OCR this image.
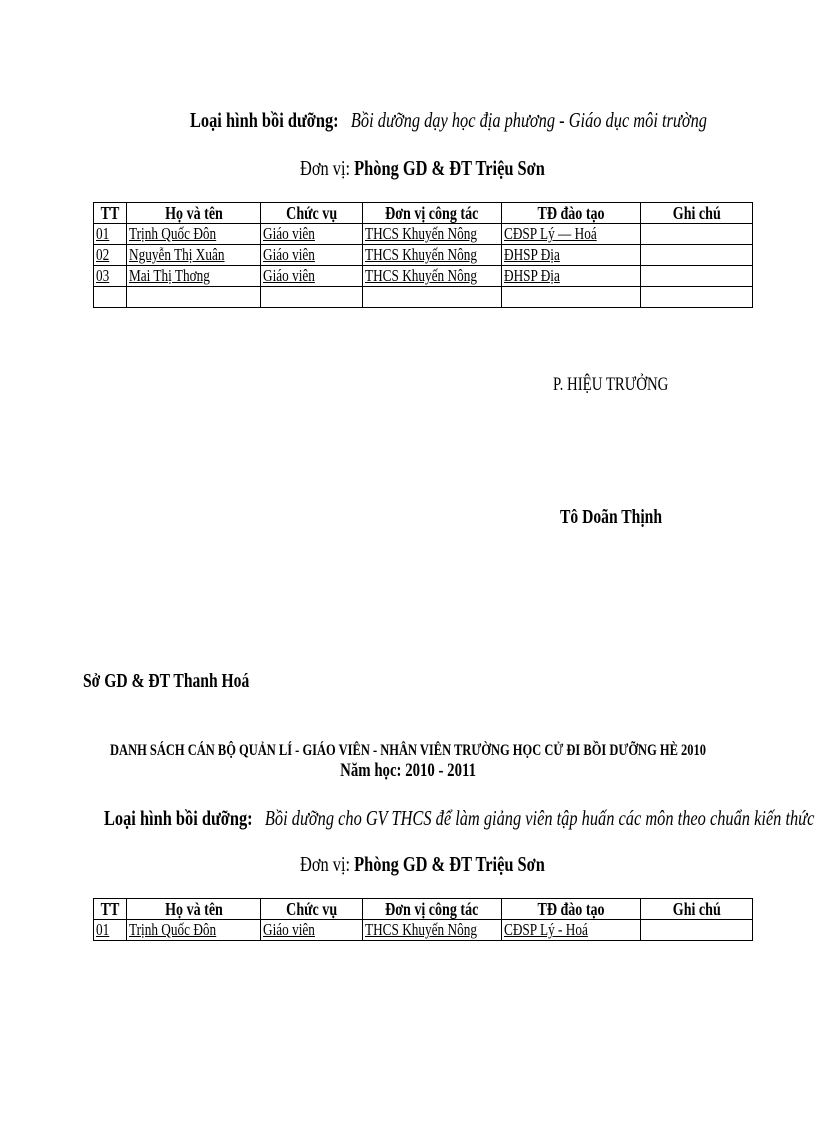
Loại hình bồi dưỡng: Bồi dưỡng dạy học địa phương - Giáo dục môi trường
Đơn vị: Phòng GD & ĐT Triệu Sơn
TT	Họ và tên	Chức vụ	Đơn vị công tác	TĐ đào tạo	Ghi chú
01	Trịnh Quốc Đôn	Giáo viên	THCS Khuyến Nông	CĐSP Lý — Hoá	
02	Nguyễn Thị Xuân	Giáo viên	THCS Khuyến Nông	ĐHSP Địa	
03	Mai Thị Thơng	Giáo viên	THCS Khuyến Nông	ĐHSP Địa	

P. HIỆU TRƯỞNG
Tô Doãn Thịnh
Sở GD & ĐT Thanh Hoá
DANH SÁCH CÁN BỘ QUẢN LÍ - GIÁO VIÊN - NHÂN VIÊN TRƯỜNG HỌC CỬ ĐI BỒI DƯỠNG HÈ 2010
Năm học: 2010 - 2011
Loại hình bồi dưỡng: Bồi dưỡng cho GV THCS để làm giảng viên tập huấn các môn theo chuẩn kiến thức
Đơn vị: Phòng GD & ĐT Triệu Sơn
TT	Họ và tên	Chức vụ	Đơn vị công tác	TĐ đào tạo	Ghi chú
01	Trịnh Quốc Đôn	Giáo viên	THCS Khuyến Nông	CĐSP Lý - Hoá	
